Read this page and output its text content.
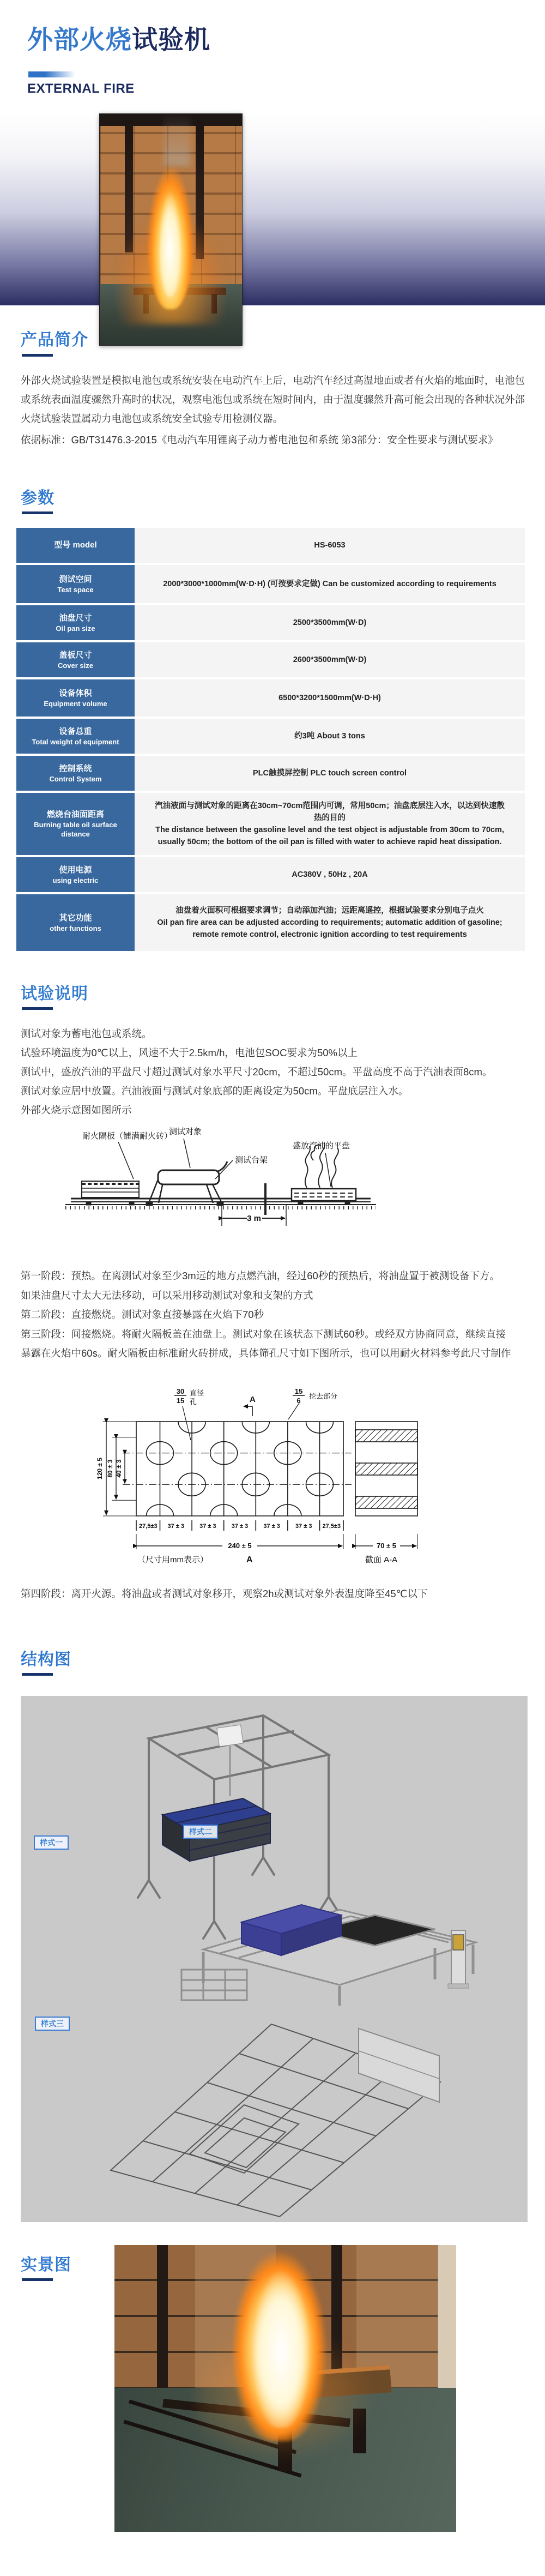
外部火烧试验机
EXTERNAL FIRE
产品简介
外部火烧试验装置是模拟电池包或系统安装在电动汽车上后，电动汽车经过高温地面或者有火焰的地面时，电池包或系统表面温度骤然升高时的状况，观察电池包或系统在短时间内，由于温度骤然升高可能会出现的各种状况外部火烧试验装置属动力电池包或系统安全试验专用检测仪器。
依据标准：GB/T31476.3-2015《电动汽车用锂离子动力蓄电池包和系统 第3部分：安全性要求与测试要求》
参数
型号 model	HS-6053

测试空间
Test space	2000*3000*1000mm(W·D·H) (可按要求定做) Can be customized according to requirements

油盘尺寸
Oil pan size	2500*3500mm(W·D)

盖板尺寸
Cover size	2600*3500mm(W·D)

设备体积
Equipment volume	6500*3200*1500mm(W·D·H)

设备总重
Total weight of equipment	约3吨 About 3 tons

控制系统
Control System	PLC触摸屏控制 PLC touch screen control

燃烧台油面距离
Burning table oil surface distance

汽油液面与测试对象的距离在30cm~70cm范围内可调，常用50cm；油盘底层注入水，以达到快速散热的目的
The distance between the gasoline level and the test object is adjustable from 30cm to 70cm, usually 50cm; the bottom of the oil pan is filled with water to achieve rapid heat dissipation.

使用电源
using electric	AC380V , 50Hz , 20A

其它功能
other functions

油盘着火面积可根据要求调节；自动添加汽油；远距离遥控，根据试验要求分别电子点火
Oil pan fire area can be adjusted according to requirements; automatic addition of gasoline; remote remote control, electronic ignition according to test requirements
试验说明

测试对象为蓄电池包或系统。

试验环境温度为0℃以上，风速不大于2.5km/h，电池包SOC要求为50%以上

测试中，盛放汽油的平盘尺寸超过测试对象水平尺寸20cm，不超过50cm。平盘高度不高于汽油表面8cm。

测试对象应居中放置。汽油液面与测试对象底部的距离设定为50cm。平盘底层注入水。

外部火烧示意图如图所示

耐火隔板（铺满耐火砖）
测试对象
测试台架
盛放汽油的平盘
3 m

第一阶段：预热。在离测试对象至少3m远的地方点燃汽油，经过60秒的预热后，将油盘置于被测设备下方。

如果油盘尺寸太大无法移动，可以采用移动测试对象和支架的方式

第二阶段：直接燃烧。测试对象直接暴露在火焰下70秒

第三阶段：间接燃烧。将耐火隔板盖在油盘上。测试对象在该状态下测试60秒。或经双方协商同意，继续直接暴露在火焰中60s。耐火隔板由标准耐火砖拼成，具体筛孔尺寸如下图所示，也可以用耐火材料参考此尺寸制作

30
15
直径
孔
15
6
挖去部分
A
120 ± 5 80 ± 3 40 ± 3
27,5±3 37 ± 3	37 ± 3	37 ± 3	37 ± 3	37 ± 3 27,5±3
240 ± 5	70 ± 5
（尺寸用mm表示）	A	截面 A-A
第四阶段：离开火源。将油盘或者测试对象移开，观察2h或测试对象外表温度降至45℃以下
结构图
样式一
样式二
样式三
实景图
